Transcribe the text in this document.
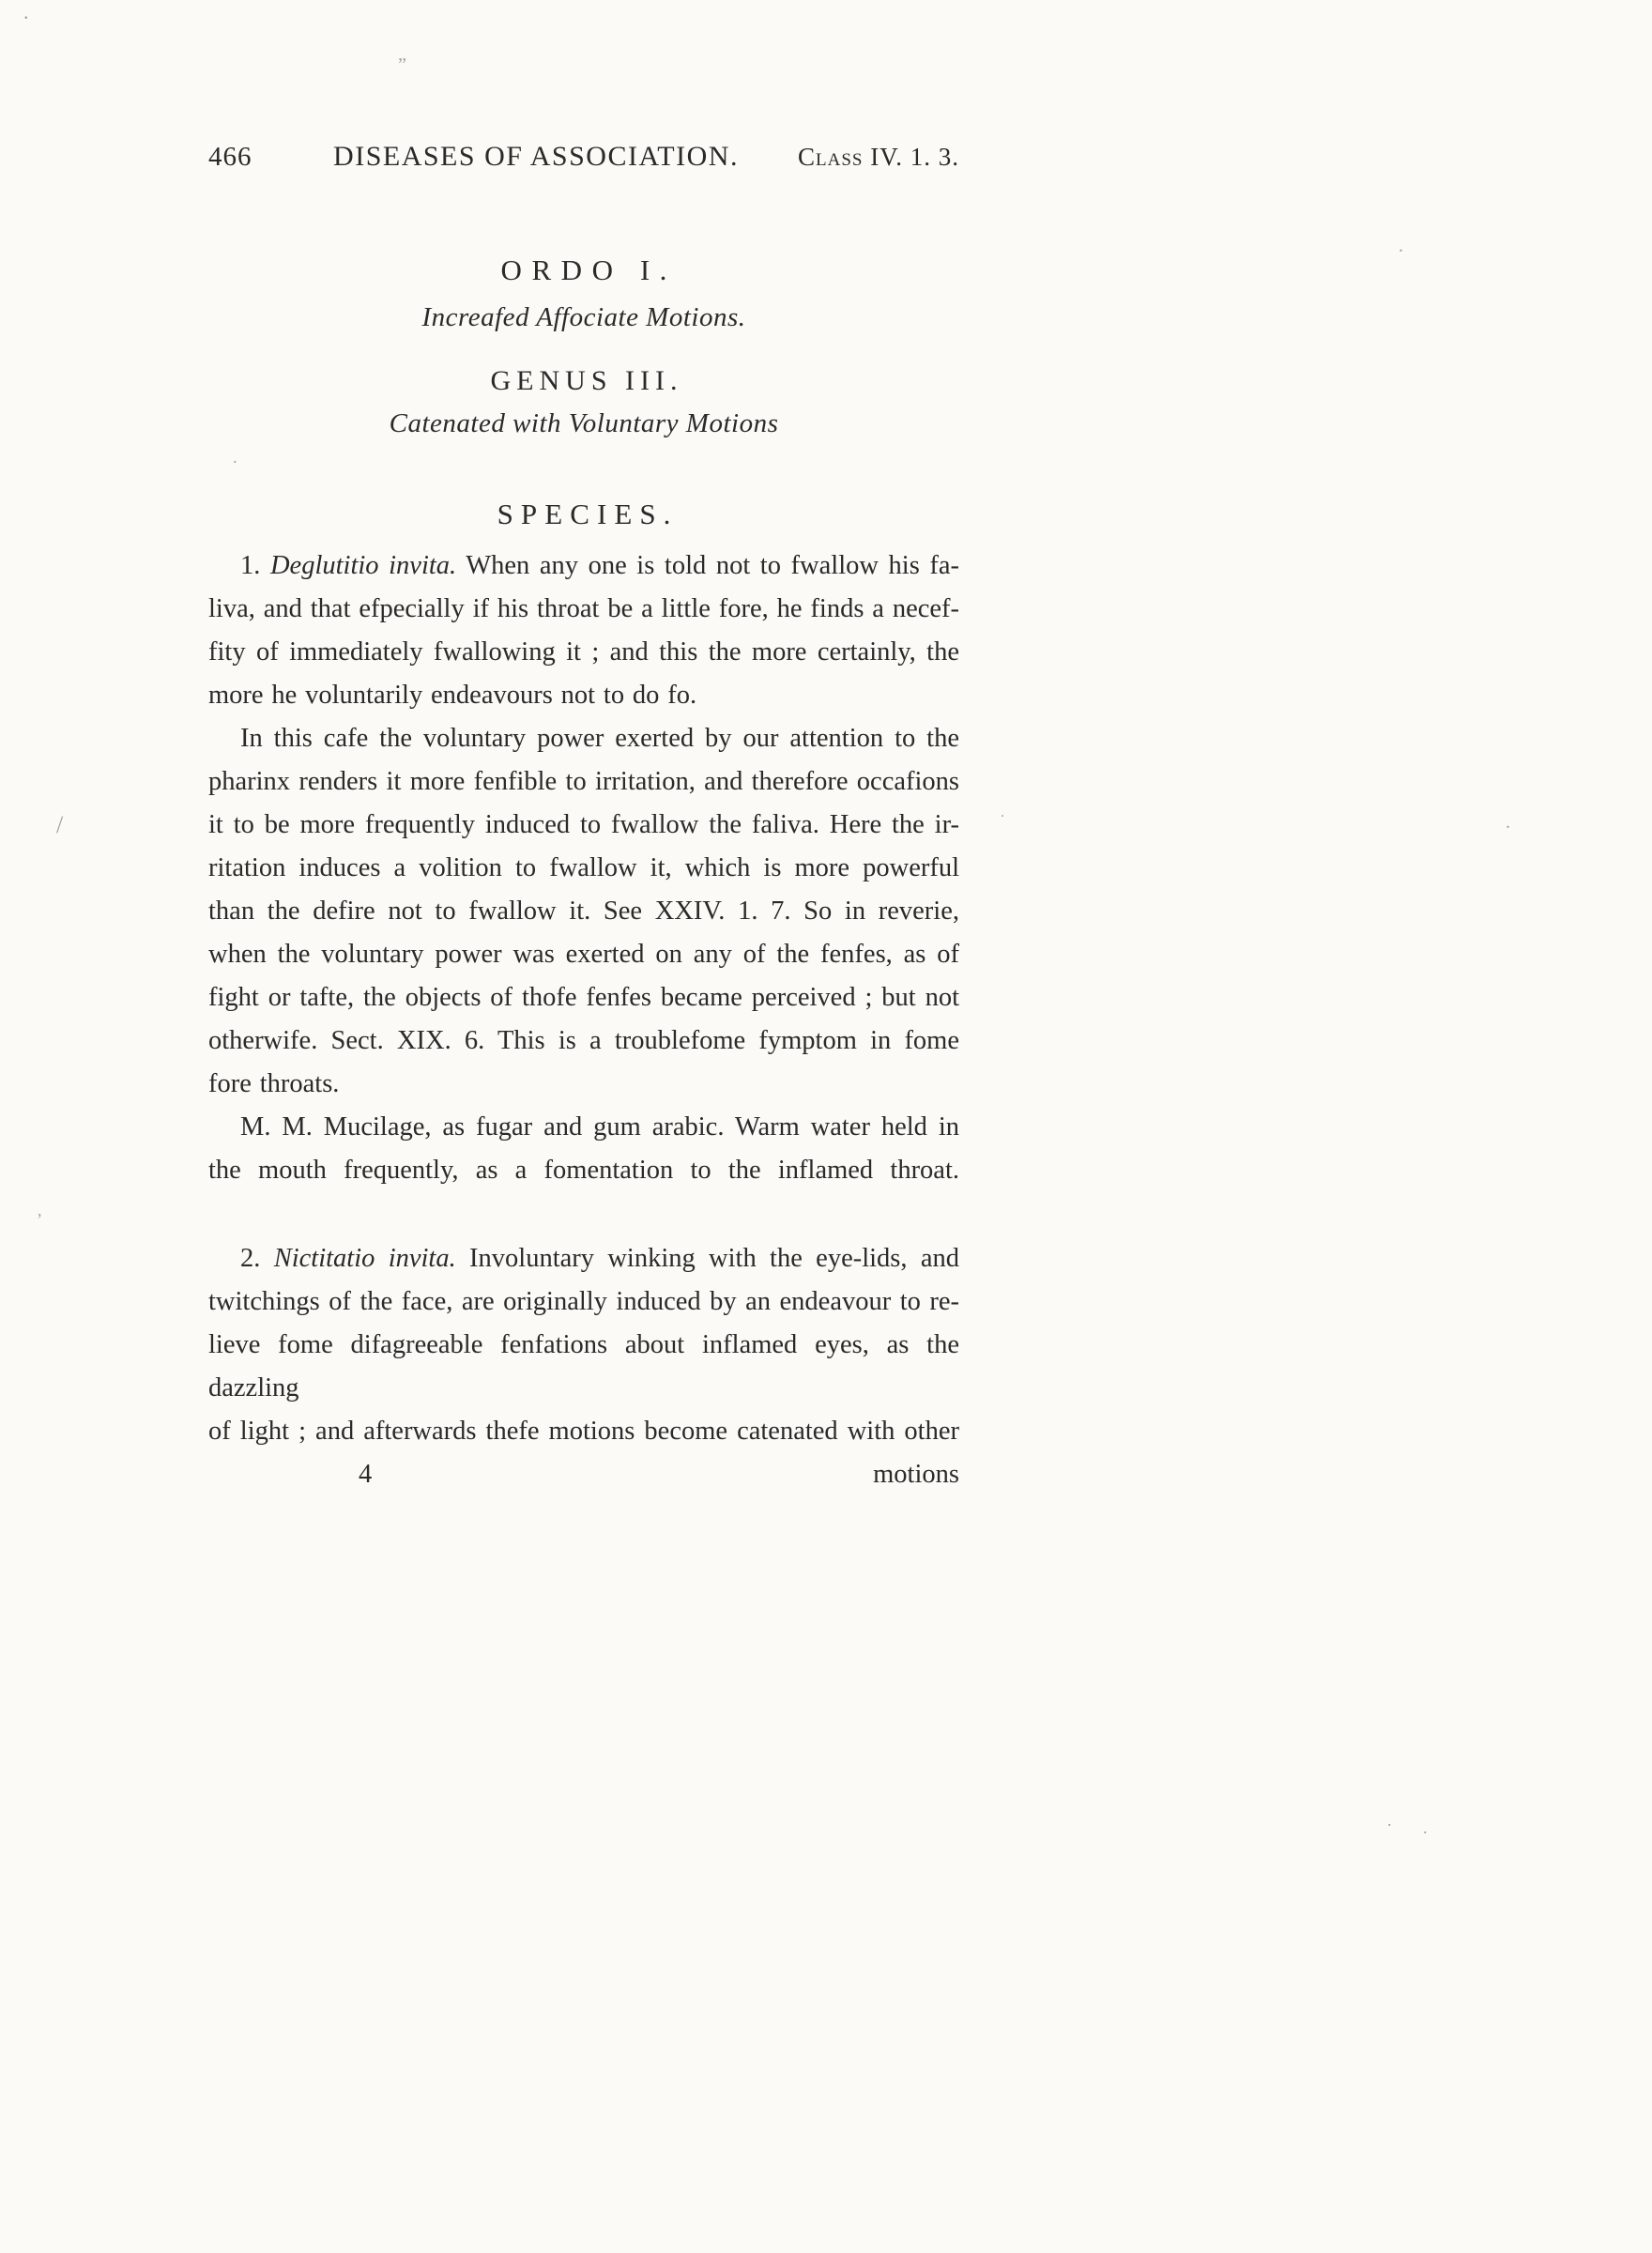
466	DISEASES OF ASSOCIATION.	Class IV. 1. 3.
ORDO I.
Increafed Affociate Motions.
GENUS III.
Catenated with Voluntary Motions
SPECIES.
1. Deglutitio invita. When any one is told not to fwallow his fa-
liva, and that efpecially if his throat be a little fore, he finds a necef-
fity of immediately fwallowing it ; and this the more certainly, the
more he voluntarily endeavours not to do fo.
In this cafe the voluntary power exerted by our attention to the
pharinx renders it more fenfible to irritation, and therefore occafions
it to be more frequently induced to fwallow the faliva. Here the ir-
ritation induces a volition to fwallow it, which is more powerful
than the defire not to fwallow it. See XXIV. 1. 7. So in reverie,
when the voluntary power was exerted on any of the fenfes, as of
fight or tafte, the objects of thofe fenfes became perceived ; but not
otherwife. Sect. XIX. 6. This is a troublefome fymptom in fome
fore throats.
M. M. Mucilage, as fugar and gum arabic. Warm water held in
the mouth frequently, as a fomentation to the inflamed throat.
2. Nictitatio invita. Involuntary winking with the eye-lids, and
twitchings of the face, are originally induced by an endeavour to re-
lieve fome difagreeable fenfations about inflamed eyes, as the dazzling
of light ; and afterwards thefe motions become catenated with other
4	motions
.
„
.
/
.
.
.
,
. .
